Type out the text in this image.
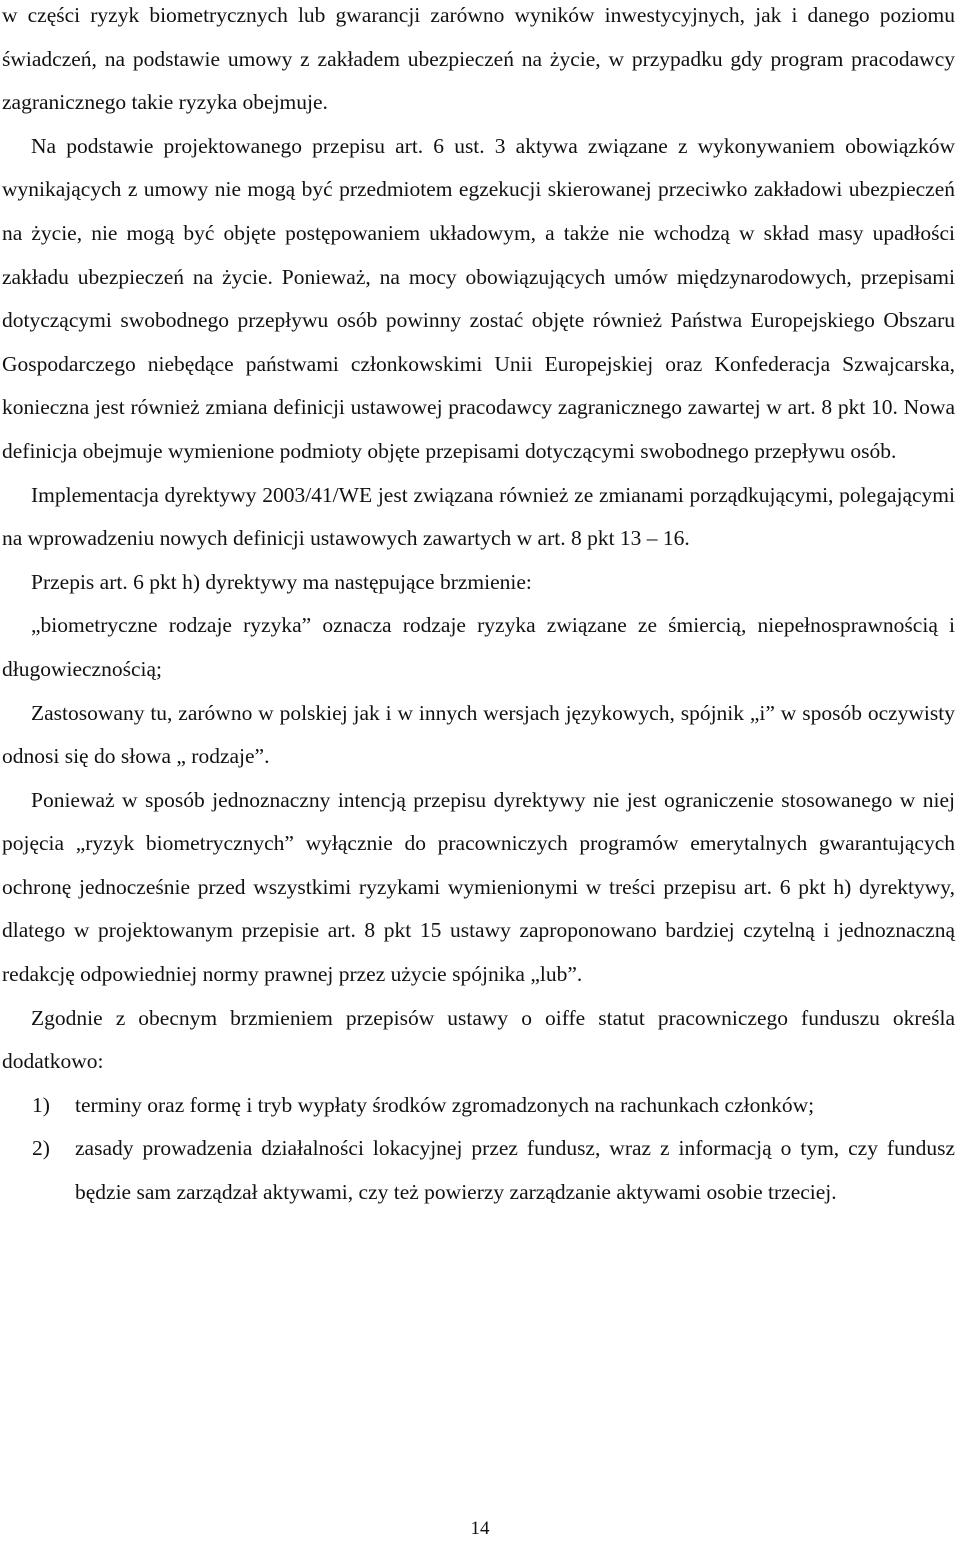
w części ryzyk biometrycznych lub gwarancji zarówno wyników inwestycyjnych, jak i danego poziomu świadczeń, na podstawie umowy z zakładem ubezpieczeń na życie, w przypadku gdy program pracodawcy zagranicznego takie ryzyka obejmuje.

Na podstawie projektowanego przepisu art. 6 ust. 3 aktywa związane z wykonywaniem obowiązków wynikających z umowy nie mogą być przedmiotem egzekucji skierowanej przeciwko zakładowi ubezpieczeń na życie, nie mogą być objęte postępowaniem układowym, a także nie wchodzą w skład masy upadłości zakładu ubezpieczeń na życie. Ponieważ, na mocy obowiązujących umów międzynarodowych, przepisami dotyczącymi swobodnego przepływu osób powinny zostać objęte również Państwa Europejskiego Obszaru Gospodarczego niebędące państwami członkowskimi Unii Europejskiej oraz Konfederacja Szwajcarska, konieczna jest również zmiana definicji ustawowej pracodawcy zagranicznego zawartej w art. 8 pkt 10. Nowa definicja obejmuje wymienione podmioty objęte przepisami dotyczącymi swobodnego przepływu osób.

Implementacja dyrektywy 2003/41/WE jest związana również ze zmianami porządkującymi, polegającymi na wprowadzeniu nowych definicji ustawowych zawartych w art. 8 pkt 13 – 16.

Przepis art. 6 pkt h) dyrektywy ma następujące brzmienie:

„biometryczne rodzaje ryzyka” oznacza rodzaje ryzyka związane ze śmiercią, niepełnosprawnością i długowiecznością;

Zastosowany tu, zarówno w polskiej jak i w innych wersjach językowych, spójnik „i” w sposób oczywisty odnosi się do słowa „ rodzaje”.

Ponieważ w sposób jednoznaczny intencją przepisu dyrektywy nie jest ograniczenie stosowanego w niej pojęcia „ryzyk biometrycznych” wyłącznie do pracowniczych programów emerytalnych gwarantujących ochronę jednocześnie przed wszystkimi ryzykami wymienionymi w treści przepisu art. 6 pkt h) dyrektywy, dlatego w projektowanym przepisie art. 8 pkt 15 ustawy zaproponowano bardziej czytelną i jednoznaczną redakcję odpowiedniej normy prawnej przez użycie spójnika „lub”.

Zgodnie z obecnym brzmieniem przepisów ustawy o oiffe statut pracowniczego funduszu określa dodatkowo:

1) terminy oraz formę i tryb wypłaty środków zgromadzonych na rachunkach członków;
2) zasady prowadzenia działalności lokacyjnej przez fundusz, wraz z informacją o tym, czy fundusz będzie sam zarządzał aktywami, czy też powierzy zarządzanie aktywami osobie trzeciej.
14
